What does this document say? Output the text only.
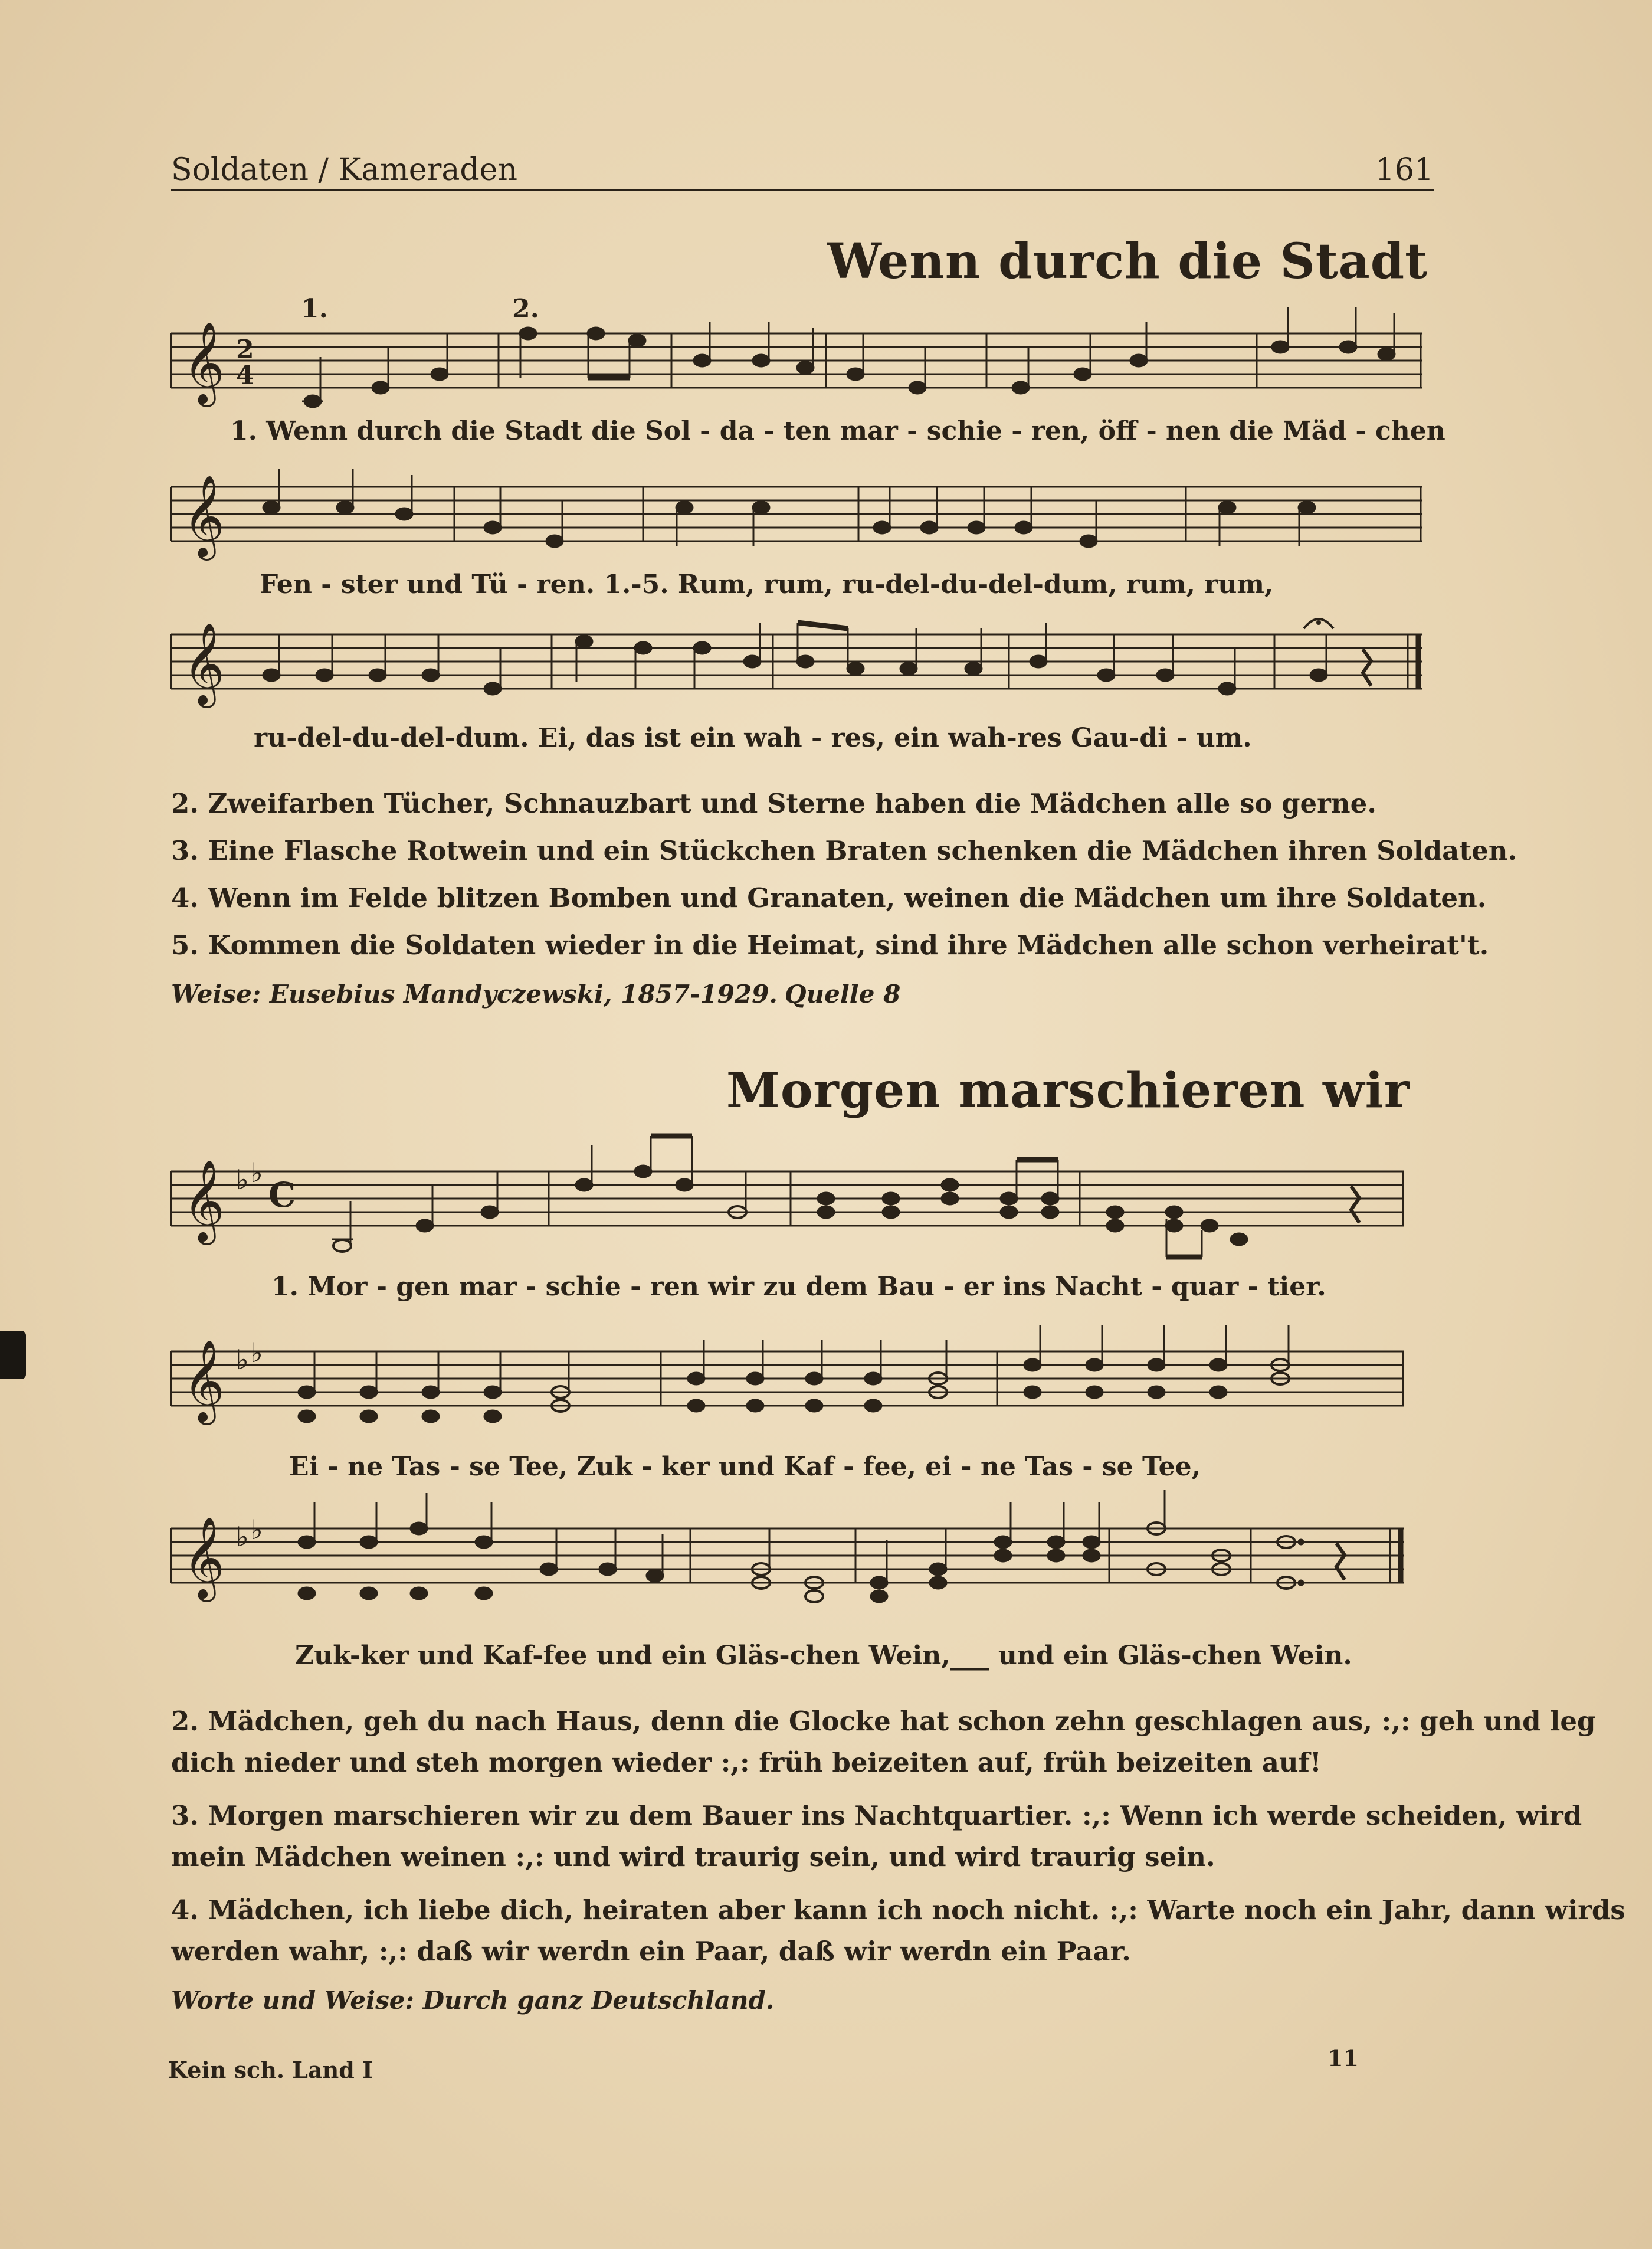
Soldaten / Kameraden	161
Wenn durch die Stadt
1.	2.
𝄞 2
4
1. Wenn durch die Stadt die Sol - da - ten mar - schie - ren, öff - nen die Mäd - chen
𝄞
Fen - ster und Tü - ren. 1.-5. Rum, rum, ru-del-du-del-dum, rum, rum,
𝄞
ru-del-du-del-dum. Ei, das ist ein wah - res, ein wah-res Gau-di - um.
2. Zweifarben Tücher, Schnauzbart und Sterne haben die Mädchen alle so gerne.
3. Eine Flasche Rotwein und ein Stückchen Braten schenken die Mädchen ihren Soldaten.
4. Wenn im Felde blitzen Bomben und Granaten, weinen die Mädchen um ihre Soldaten.
5. Kommen die Soldaten wieder in die Heimat, sind ihre Mädchen alle schon verheirat't.
Weise: Eusebius Mandyczewski, 1857-1929. Quelle 8
Morgen marschieren wir
𝄞 ♭ ♭
C
1. Mor - gen mar - schie - ren wir zu dem Bau - er ins Nacht - quar - tier.
𝄞 ♭ ♭
Ei - ne Tas - se Tee, Zuk - ker und Kaf - fee, ei - ne Tas - se Tee,
𝄞 ♭ ♭
Zuk-ker und Kaf-fee und ein Gläs-chen Wein,___ und ein Gläs-chen Wein.
2. Mädchen, geh du nach Haus, denn die Glocke hat schon zehn geschlagen aus, :,: geh und leg
dich nieder und steh morgen wieder :,: früh beizeiten auf, früh beizeiten auf!
3. Morgen marschieren wir zu dem Bauer ins Nachtquartier. :,: Wenn ich werde scheiden, wird
mein Mädchen weinen :,: und wird traurig sein, und wird traurig sein.
4. Mädchen, ich liebe dich, heiraten aber kann ich noch nicht. :,: Warte noch ein Jahr, dann wirds
werden wahr, :,: daß wir werdn ein Paar, daß wir werdn ein Paar.
Worte und Weise: Durch ganz Deutschland.
Kein sch. Land I	11
